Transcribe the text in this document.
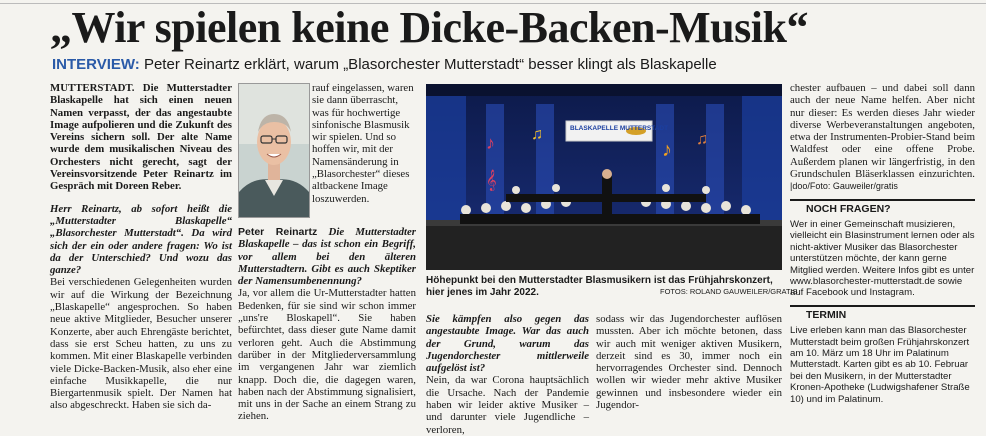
„Wir spielen keine Dicke-Backen-Musik“
INTERVIEW: Peter Reinartz erklärt, warum „Blasorchester Mutterstadt“ besser klingt als Blaskapelle

MUTTERSTADT. Die Mutterstadter Blaskapelle hat sich einen neuen Namen verpasst, der das angestaubte Image aufpolieren und die Zukunft des Vereins sichern soll. Der alte Name wurde dem musikalischen Niveau des Orchesters nicht gerecht, sagt der Vereinsvorsitzende Peter Reinartz im Gespräch mit Doreen Reber.

Herr Reinartz, ab sofort heißt die „Mutterstadter Blaskapelle“ „Blasorchester Mutterstadt“. Da wird sich der ein oder andere fragen: Wo ist da der Unterschied? Und wozu das ganze?

Bei verschiedenen Gelegenheiten wurden wir auf die Wirkung der Bezeichnung „Blaskapelle“ angesprochen. So haben neue aktive Mitglieder, Besucher unserer Konzerte, aber auch Ehrengäste berichtet, dass sie erst Scheu hatten, zu uns zu kommen. Mit einer Blaskapelle verbinden viele Dicke-Backen-Musik, also eher eine einfache Musikkapelle, die nur Biergartenmusik spielt. Der Namen hat also abgeschreckt. Haben sie sich da-

rauf eingelassen, waren sie dann überrascht, was für hochwertige sinfonische Blasmusik wir spielen. Und so hoffen wir, mit der Namensänderung in „Blasorchester“ dieses altbackene Image loszuwerden.

Peter Reinartz Die Mutterstadter Blaskapelle – das ist schon ein Begriff, vor allem bei den älteren Mutterstadtern. Gibt es auch Skeptiker der Namensumbenennung?

Ja, vor allem die Ur-Mutterstadter hatten Bedenken, für sie sind wir schon immer „uns're Bloskapell“. Sie haben befürchtet, dass dieser gute Name damit verloren geht. Auch die Abstimmung darüber in der Mitgliederversammlung im vergangenen Jahr war ziemlich knapp. Doch die, die dagegen waren, haben nach der Abstimmung signalisiert, mit uns in der Sache an einem Strang zu ziehen.

BLASKAPELLE MUTTERSTADT
♪ ♫
♪ ♫
𝄞
Höhepunkt bei den Mutterstadter Blasmusikern ist das Frühjahrskonzert, hier jenes im Jahr 2022.	FOTOS: ROLAND GAUWEILER/GRATIS

Sie kämpfen also gegen das angestaubte Image. War das auch der Grund, warum das Jugendorchester mittlerweile aufgelöst ist?

Nein, da war Corona hauptsächlich die Ursache. Nach der Pandemie haben wir leider aktive Musiker – und darunter viele Jugendliche – verloren,

sodass wir das Jugendorchester auflösen mussten. Aber ich möchte betonen, dass wir auch mit weniger aktiven Musikern, derzeit sind es 30, immer noch ein hervorragendes Orchester sind. Dennoch wollen wir wieder mehr aktive Musiker gewinnen und insbesondere wieder ein Jugendor-

chester aufbauen – und dabei soll dann auch der neue Name helfen. Aber nicht nur dieser: Es werden dieses Jahr wieder diverse Werbeveranstaltungen angeboten, etwa der Instrumenten-Probier-Stand beim Waldfest oder eine offene Probe. Außerdem planen wir längerfristig, in den Grundschulen Bläserklassen einzurichten. |doo/Foto: Gauweiler/gratis

NOCH FRAGEN?
Wer in einer Gemeinschaft musizieren, vielleicht ein Blasinstrument lernen oder als nicht-aktiver Musiker das Blasorchester unterstützen möchte, der kann gerne Mitglied werden. Weitere Infos gibt es unter www.blasorchester-mutterstadt.de sowie auf Facebook und Instagram.
TERMIN
Live erleben kann man das Blasorchester Mutterstadt beim großen Frühjahrskonzert am 10. März um 18 Uhr im Palatinum Mutterstadt. Karten gibt es ab 10. Februar bei den Musikern, in der Mutterstadter Kronen-Apotheke (Ludwigshafener Straße 10) und im Palatinum.
